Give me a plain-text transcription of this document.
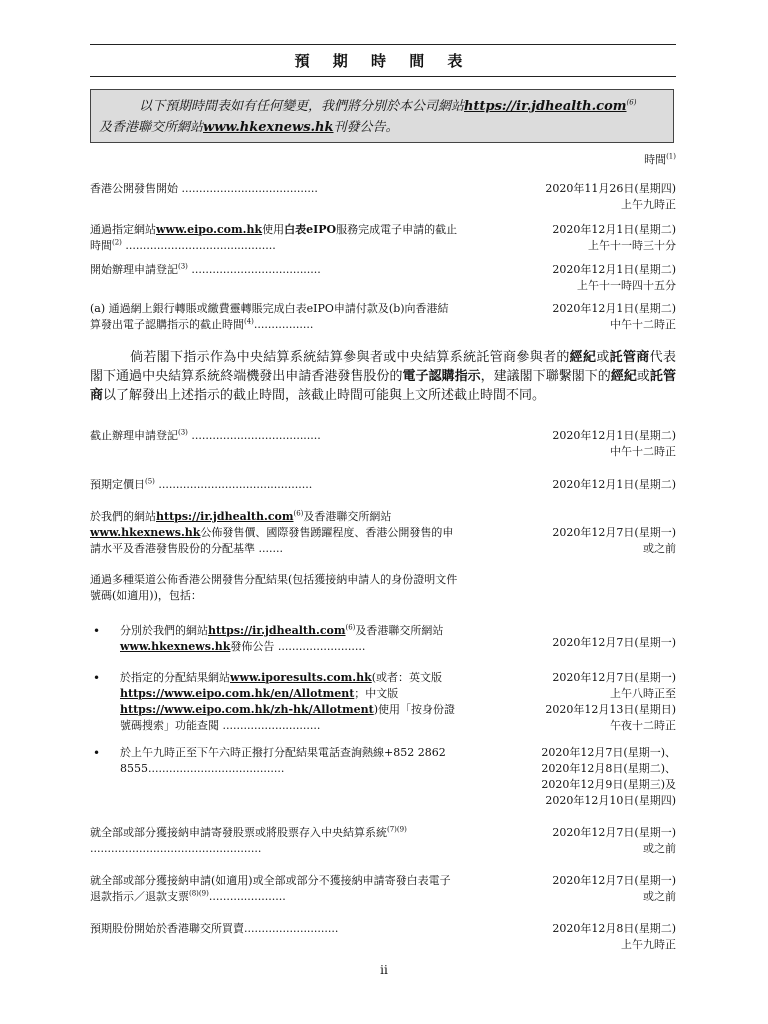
預 期 時 間 表
以下預期時間表如有任何變更，我們將分別於本公司網站https://ir.jdhealth.com$^{(6)}$
及香港聯交所網站www.hkexnews.hk刊發公告。
時間$^{(1)}$
香港公開發售開始 .......................................	2020年11月26日(星期四)
上午九時正
通過指定網站www.eipo.com.hk使用白表eIPO服務完成電子申請的截止時間$^{(2)}$ ...........................................
2020年12月1日(星期二)
上午十一時三十分
開始辦理申請登記$^{(3)}$ .....................................	2020年12月1日(星期二)
上午十一時四十五分
(a) 通過網上銀行轉賬或繳費靈轉賬完成白表eIPO申請付款及(b)向香港結算發出電子認購指示的截止時間$^{(4)}$.................
2020年12月1日(星期二)
中午十二時正
倘若閣下指示作為中央結算系統結算參與者或中央結算系統託管商參與者的經紀或託管商代表閣下通過中央結算系統終端機發出申請香港發售股份的電子認購指示，建議閣下聯繫閣下的經紀或託管商以了解發出上述指示的截止時間，該截止時間可能與上文所述截止時間不同。
截止辦理申請登記$^{(3)}$ .....................................	2020年12月1日(星期二)
中午十二時正
預期定價日$^{(5)}$ ............................................	2020年12月1日(星期二)
於我們的網站https://ir.jdhealth.com$^{(6)}$及香港聯交所網站www.hkexnews.hk公佈發售價、國際發售踴躍程度、香港公開發售的申請水平及香港發售股份的分配基準 .......
2020年12月7日(星期一)
或之前
通過多種渠道公佈香港公開發售分配結果(包括獲接納申請人的身份證明文件號碼(如適用))，包括：
• 分別於我們的網站https://ir.jdhealth.com$^{(6)}$及香港聯交所網站www.hkexnews.hk發佈公告 .........................	2020年12月7日(星期一)
• 於指定的分配結果網站www.iporesults.com.hk(或者：英文版https://www.eipo.com.hk/en/Allotment；中文版https://www.eipo.com.hk/zh-hk/Allotment)使用「按身份證號碼搜索」功能查閱 ............................
2020年12月7日(星期一)
上午八時正至
2020年12月13日(星期日)
午夜十二時正
• 於上午九時正至下午六時正撥打分配結果電話查詢熱線+852 2862 8555.......................................
2020年12月7日(星期一)、
2020年12月8日(星期二)、
2020年12月9日(星期三)及
2020年12月10日(星期四)
就全部或部分獲接納申請寄發股票或將股票存入中央結算系統$^{(7)(9)}$ .................................................
2020年12月7日(星期一)
或之前
就全部或部分獲接納申請(如適用)或全部或部分不獲接納申請寄發白表電子退款指示／退款支票$^{(8)(9)}$......................
2020年12月7日(星期一)
或之前
預期股份開始於香港聯交所買賣...........................	2020年12月8日(星期二)
上午九時正
ii
